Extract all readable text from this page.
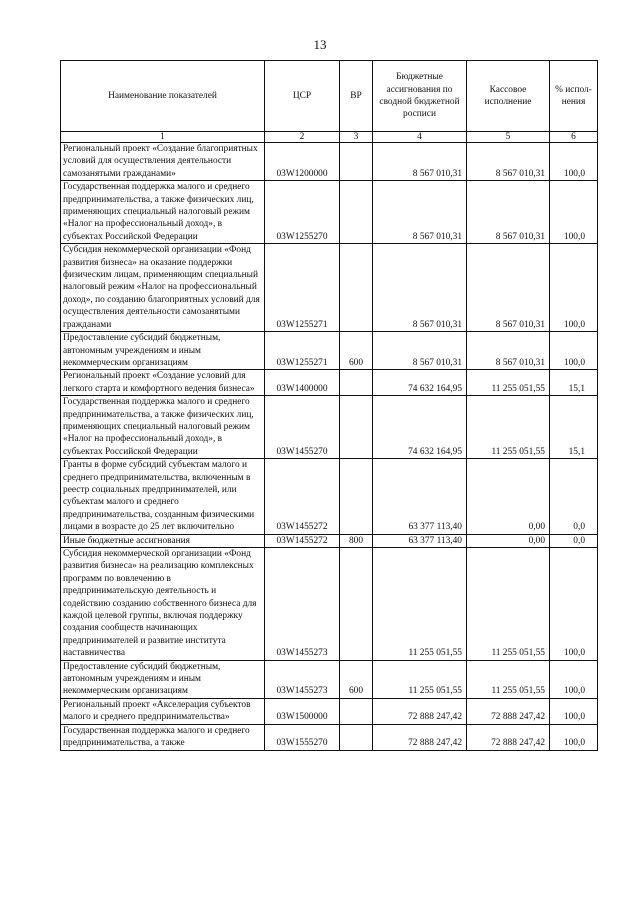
13
Наименование показателей	ЦСР	ВР	Бюджетные ассигнования по сводной бюджетной росписи	Кассовое исполнение	% испол-нения
1	2	3	4	5	6
Региональный проект «Создание благоприятных условий для осуществления деятельности самозанятыми гражданами»	03W1200000		8 567 010,31	8 567 010,31	100,0
Государственная поддержка малого и среднего предпринимательства, а также физических лиц, применяющих специальный налоговый режим «Налог на профессиональный доход», в субъектах Российской Федерации	03W1255270		8 567 010,31	8 567 010,31	100,0
Субсидия некоммерческой организации «Фонд развития бизнеса» на оказание поддержки физическим лицам, применяющим специальный налоговый режим «Налог на профессиональный доход», по созданию благоприятных условий для осуществления деятельности самозанятыми гражданами	03W1255271		8 567 010,31	8 567 010,31	100,0
Предоставление субсидий бюджетным, автономным учреждениям и иным некоммерческим организациям	03W1255271	600	8 567 010,31	8 567 010,31	100,0
Региональный проект «Создание условий для легкого старта и комфортного ведения бизнеса»	03W1400000		74 632 164,95	11 255 051,55	15,1
Государственная поддержка малого и среднего предпринимательства, а также физических лиц, применяющих специальный налоговый режим «Налог на профессиональный доход», в субъектах Российской Федерации	03W1455270		74 632 164,95	11 255 051,55	15,1
Гранты в форме субсидий субъектам малого и среднего предпринимательства, включенным в реестр социальных предпринимателей, или субъектам малого и среднего предпринимательства, созданным физическими лицами в возрасте до 25 лет включительно	03W1455272		63 377 113,40	0,00	0,0
Иные бюджетные ассигнования	03W1455272	800	63 377 113,40	0,00	0,0
Субсидия некоммерческой организации «Фонд развития бизнеса» на реализацию комплексных программ по вовлечению в предпринимательскую деятельность и содействию созданию собственного бизнеса для каждой целевой группы, включая поддержку создания сообществ начинающих предпринимателей и развитие института наставничества	03W1455273		11 255 051,55	11 255 051,55	100,0
Предоставление субсидий бюджетным, автономным учреждениям и иным некоммерческим организациям	03W1455273	600	11 255 051,55	11 255 051,55	100,0
Региональный проект «Акселерация субъектов малого и среднего предпринимательства»	03W1500000		72 888 247,42	72 888 247,42	100,0
Государственная поддержка малого и среднего предпринимательства, а также	03W1555270		72 888 247,42	72 888 247,42	100,0
